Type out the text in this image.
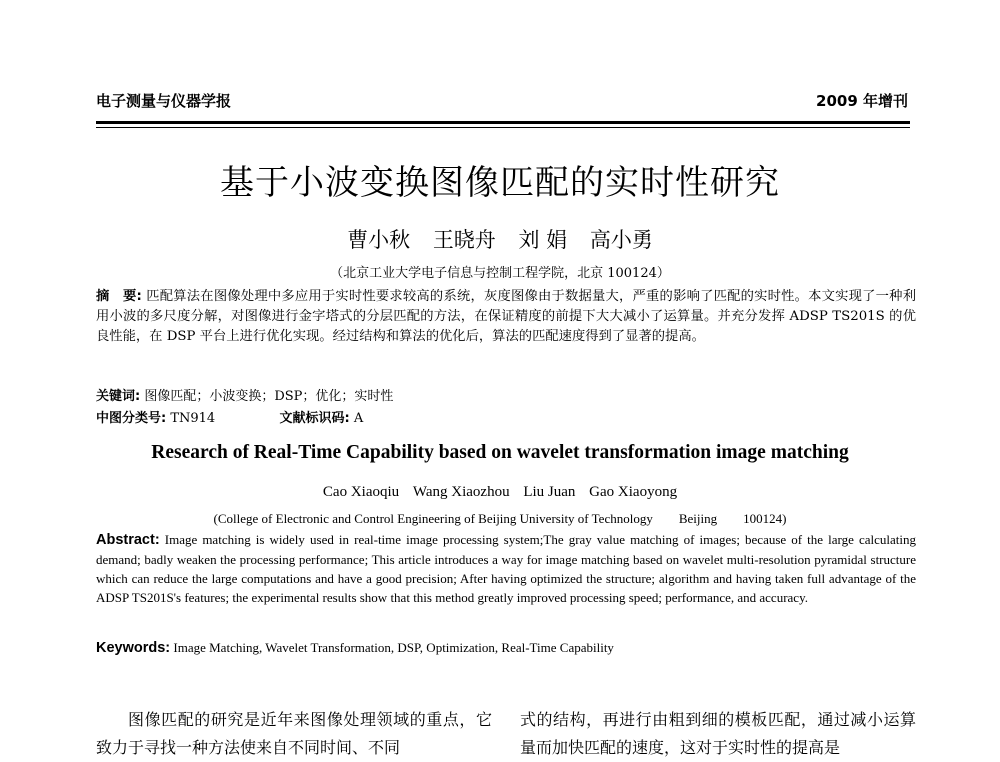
电子测量与仪器学报	2009 年增刊
基于小波变换图像匹配的实时性研究
曹小秋 王晓舟 刘 娟 高小勇
（北京工业大学电子信息与控制工程学院，北京 100124）
摘　要: 匹配算法在图像处理中多应用于实时性要求较高的系统，灰度图像由于数据量大，严重的影响了匹配的实时性。本文实现了一种利用小波的多尺度分解，对图像进行金字塔式的分层匹配的方法，在保证精度的前提下大大减小了运算量。并充分发挥 ADSP TS201S 的优良性能，在 DSP 平台上进行优化实现。经过结构和算法的优化后，算法的匹配速度得到了显著的提高。
关键词: 图像匹配；小波变换；DSP；优化；实时性
中图分类号: TN914	文献标识码: A
Research of Real-Time Capability based on wavelet transformation image matching
Cao Xiaoqiu Wang Xiaozhou Liu Juan Gao Xiaoyong
(College of Electronic and Control Engineering of Beijing University of Technology　　Beijing　　100124)
Abstract: Image matching is widely used in real-time image processing system;The gray value matching of images; because of the large calculating demand; badly weaken the processing performance; This article introduces a way for image matching based on wavelet multi-resolution pyramidal structure which can reduce the large computations and have a good precision; After having optimized the structure; algorithm and having taken full advantage of the ADSP TS201S's features; the experimental results show that this method greatly improved processing speed; performance, and accuracy.
Keywords: Image Matching, Wavelet Transformation, DSP, Optimization, Real-Time Capability
图像匹配的研究是近年来图像处理领域的重点，它致力于寻找一种方法使来自不同时间、不同
式的结构，再进行由粗到细的模板匹配，通过减小运算量而加快匹配的速度，这对于实时性的提高是
